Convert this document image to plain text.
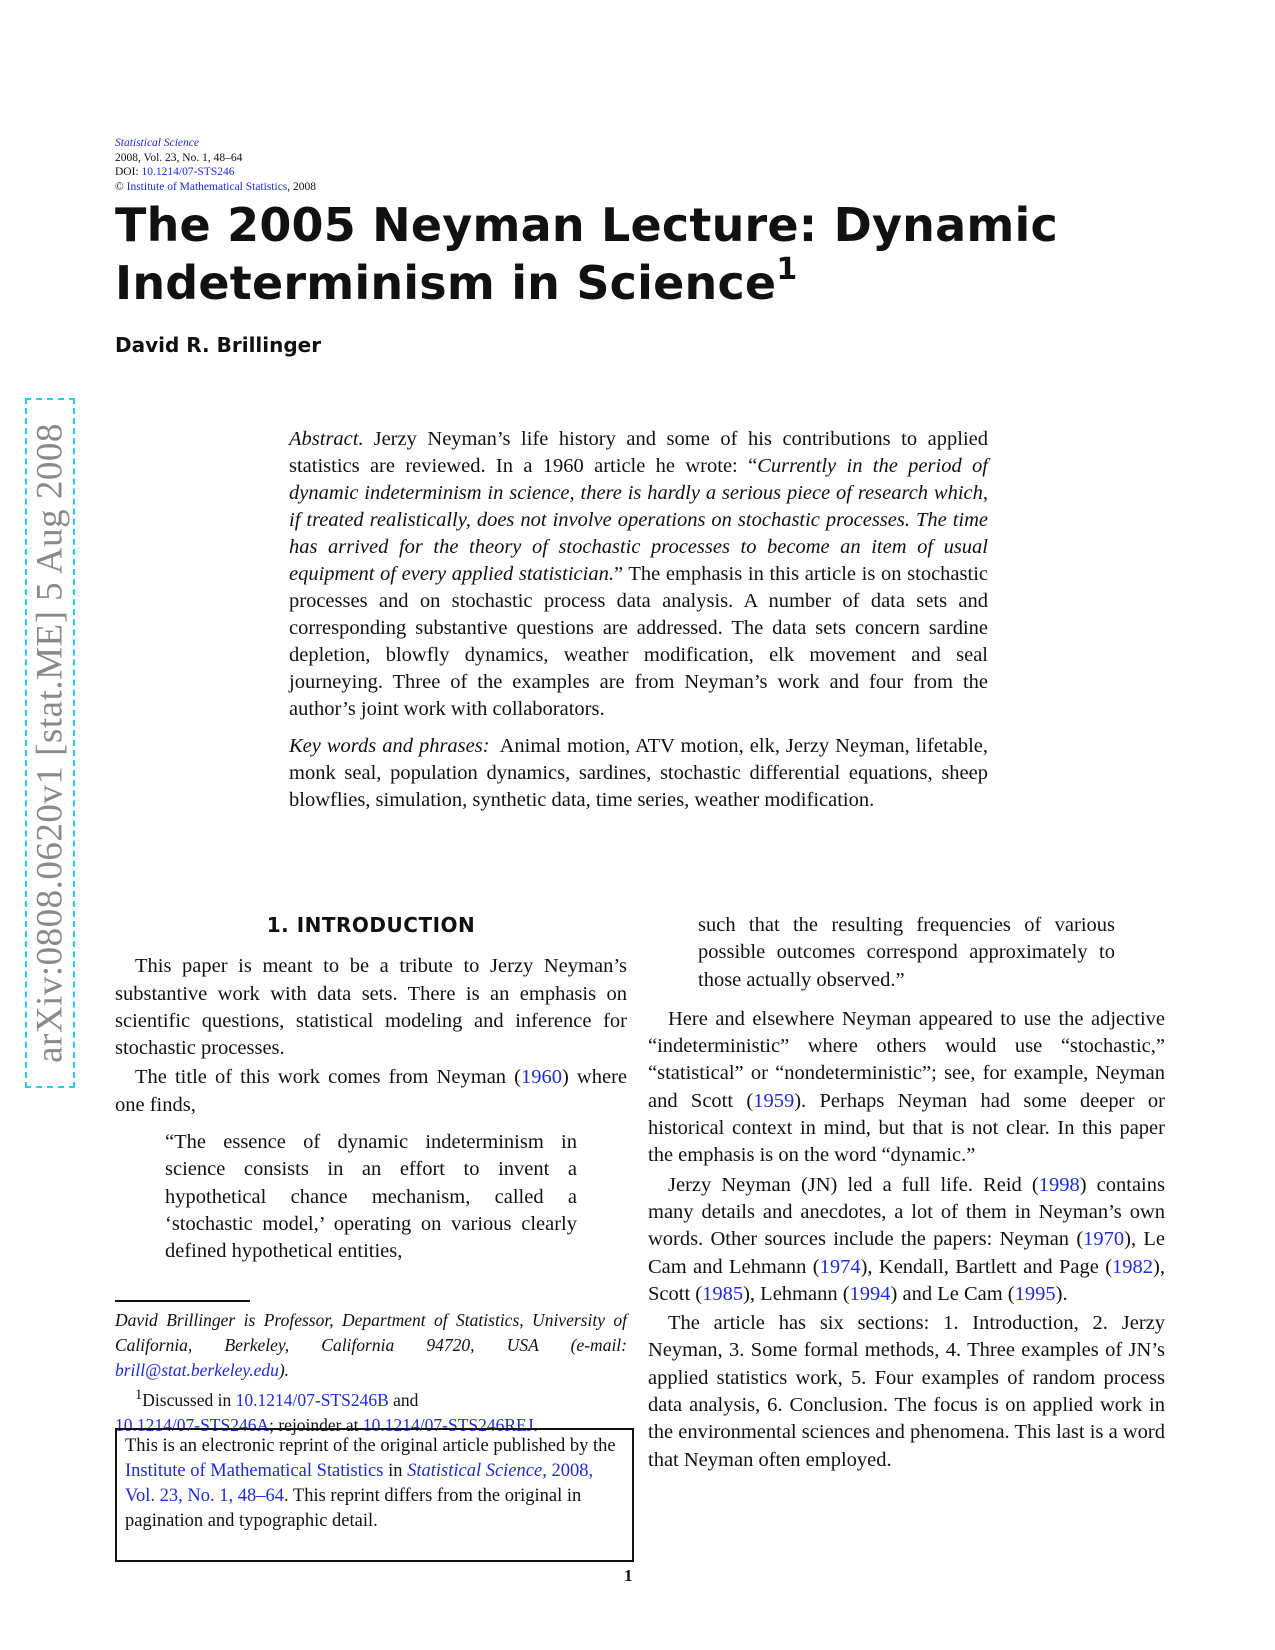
Statistical Science
2008, Vol. 23, No. 1, 48–64
DOI: 10.1214/07-STS246
© Institute of Mathematical Statistics, 2008
The 2005 Neyman Lecture: Dynamic
Indeterminism in Science$^1$
David R. Brillinger
arXiv:0808.0620v1 [stat.ME] 5 Aug 2008	Abstract. Jerzy Neyman’s life history and some of his contributions to applied statistics are reviewed. In a 1960 article he wrote: “Currently in the period of dynamic indeterminism in science, there is hardly a serious piece of research which, if treated realistically, does not involve operations on stochastic processes. The time has arrived for the theory of stochastic processes to become an item of usual equipment of every applied statistician.” The emphasis in this article is on stochastic processes and on stochastic process data analysis. A number of data sets and corresponding substantive questions are addressed. The data sets concern sardine depletion, blowfly dynamics, weather modification, elk movement and seal journeying. Three of the examples are from Neyman’s work and four from the author’s joint work with collaborators.

Key words and phrases: Animal motion, ATV motion, elk, Jerzy Neyman, lifetable, monk seal, population dynamics, sardines, stochastic differential equations, sheep blowflies, simulation, synthetic data, time series, weather modification.

1. INTRODUCTION

This paper is meant to be a tribute to Jerzy Neyman’s substantive work with data sets. There is an emphasis on scientific questions, statistical modeling and inference for stochastic processes.

The title of this work comes from Neyman (1960) where one finds,

“The essence of dynamic indeterminism in science consists in an effort to invent a hypothetical chance mechanism, called a ‘stochastic model,’ operating on various clearly defined hypothetical entities,

such that the resulting frequencies of various possible outcomes correspond approximately to those actually observed.”

Here and elsewhere Neyman appeared to use the adjective “indeterministic” where others would use “stochastic,” “statistical” or “nondeterministic”; see, for example, Neyman and Scott (1959). Perhaps Neyman had some deeper or historical context in mind, but that is not clear. In this paper the emphasis is on the word “dynamic.”

Jerzy Neyman (JN) led a full life. Reid (1998) contains many details and anecdotes, a lot of them in Neyman’s own words. Other sources include the papers: Neyman (1970), Le Cam and Lehmann (1974), Kendall, Bartlett and Page (1982), Scott (1985), Lehmann (1994) and Le Cam (1995).

The article has six sections: 1. Introduction, 2. Jerzy Neyman, 3. Some formal methods, 4. Three examples of JN’s applied statistics work, 5. Four examples of random process data analysis, 6. Conclusion. The focus is on applied work in the environmental sciences and phenomena. This last is a word that Neyman often employed.

David Brillinger is Professor, Department of Statistics, University of California, Berkeley, California 94720, USA (e-mail: brill@stat.berkeley.edu).

$^1$Discussed in 10.1214/07-STS246B and
10.1214/07-STS246A; rejoinder at 10.1214/07-STS246REJ.

This is an electronic reprint of the original article published by the Institute of Mathematical Statistics in Statistical Science, 2008, Vol. 23, No. 1, 48–64. This reprint differs from the original in pagination and typographic detail.
1
